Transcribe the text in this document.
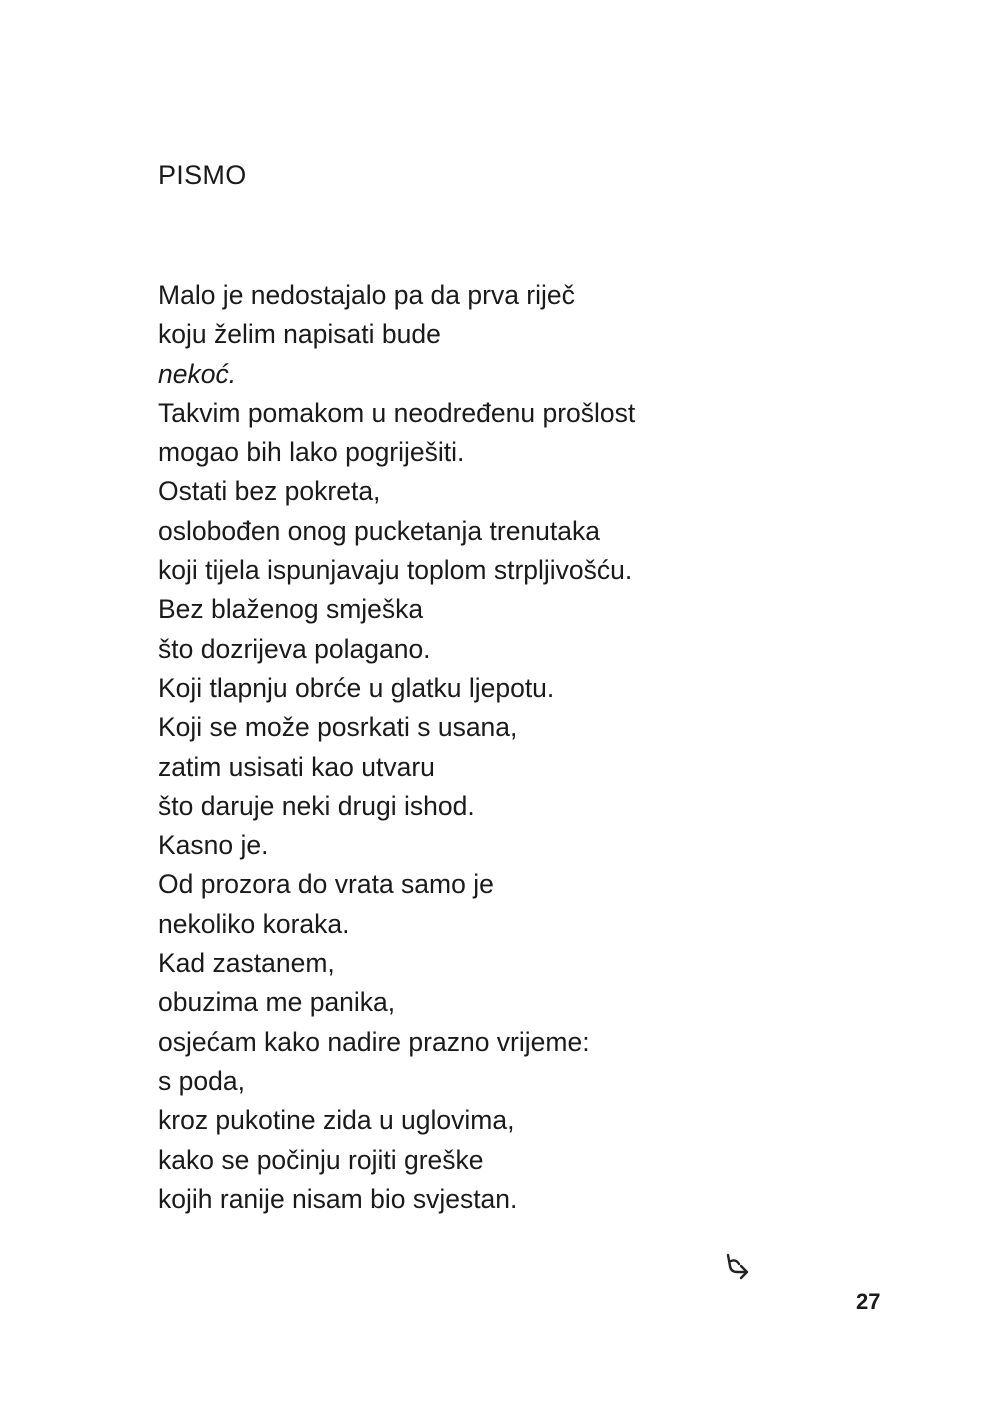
PISMO
Malo je nedostajalo pa da prva riječ
koju želim napisati bude
nekoć.
Takvim pomakom u neodređenu prošlost
mogao bih lako pogriješiti.
Ostati bez pokreta,
oslobođen onog pucketanja trenutaka
koji tijela ispunjavaju toplom strpljivošću.
Bez blaženog smješka
što dozrijeva polagano.
Koji tlapnju obrće u glatku ljepotu.
Koji se može posrkati s usana,
zatim usisati kao utvaru
što daruje neki drugi ishod.
Kasno je.
Od prozora do vrata samo je
nekoliko koraka.
Kad zastanem,
obuzima me panika,
osjećam kako nadire prazno vrijeme:
s poda,
kroz pukotine zida u uglovima,
kako se počinju rojiti greške
kojih ranije nisam bio svjestan.
27
